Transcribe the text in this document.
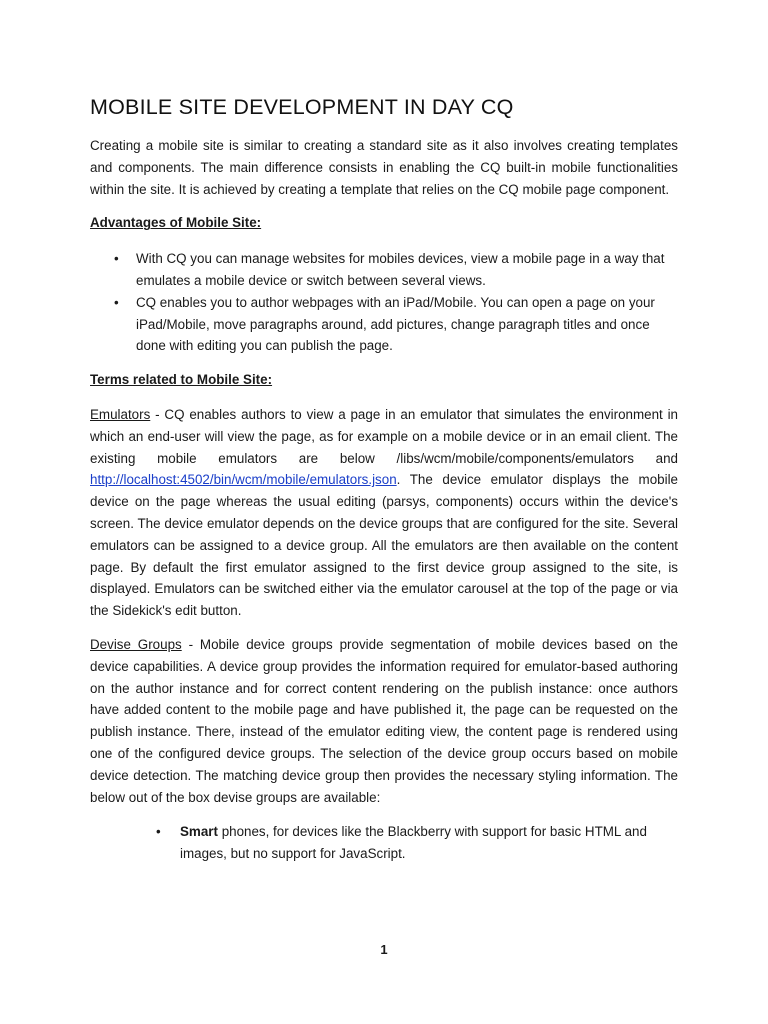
MOBILE SITE DEVELOPMENT IN DAY CQ

Creating a mobile site is similar to creating a standard site as it also involves creating templates and components. The main difference consists in enabling the CQ built-in mobile functionalities within the site. It is achieved by creating a template that relies on the CQ mobile page component.

Advantages of Mobile Site:

• With CQ you can manage websites for mobiles devices, view a mobile page in a way that emulates a mobile device or switch between several views.
• CQ enables you to author webpages with an iPad/Mobile. You can open a page on your iPad/Mobile, move paragraphs around, add pictures, change paragraph titles and once done with editing you can publish the page.

Terms related to Mobile Site:

Emulators - CQ enables authors to view a page in an emulator that simulates the environment in which an end-user will view the page, as for example on a mobile device or in an email client. The existing mobile emulators are below /libs/wcm/mobile/components/emulators and http://localhost:4502/bin/wcm/mobile/emulators.json. The device emulator displays the mobile device on the page whereas the usual editing (parsys, components) occurs within the device's screen. The device emulator depends on the device groups that are configured for the site. Several emulators can be assigned to a device group. All the emulators are then available on the content page. By default the first emulator assigned to the first device group assigned to the site, is displayed. Emulators can be switched either via the emulator carousel at the top of the page or via the Sidekick's edit button.

Devise Groups - Mobile device groups provide segmentation of mobile devices based on the device capabilities. A device group provides the information required for emulator-based authoring on the author instance and for correct content rendering on the publish instance: once authors have added content to the mobile page and have published it, the page can be requested on the publish instance. There, instead of the emulator editing view, the content page is rendered using one of the configured device groups. The selection of the device group occurs based on mobile device detection. The matching device group then provides the necessary styling information. The below out of the box devise groups are available:

• Smart phones, for devices like the Blackberry with support for basic HTML and images, but no support for JavaScript.
1
